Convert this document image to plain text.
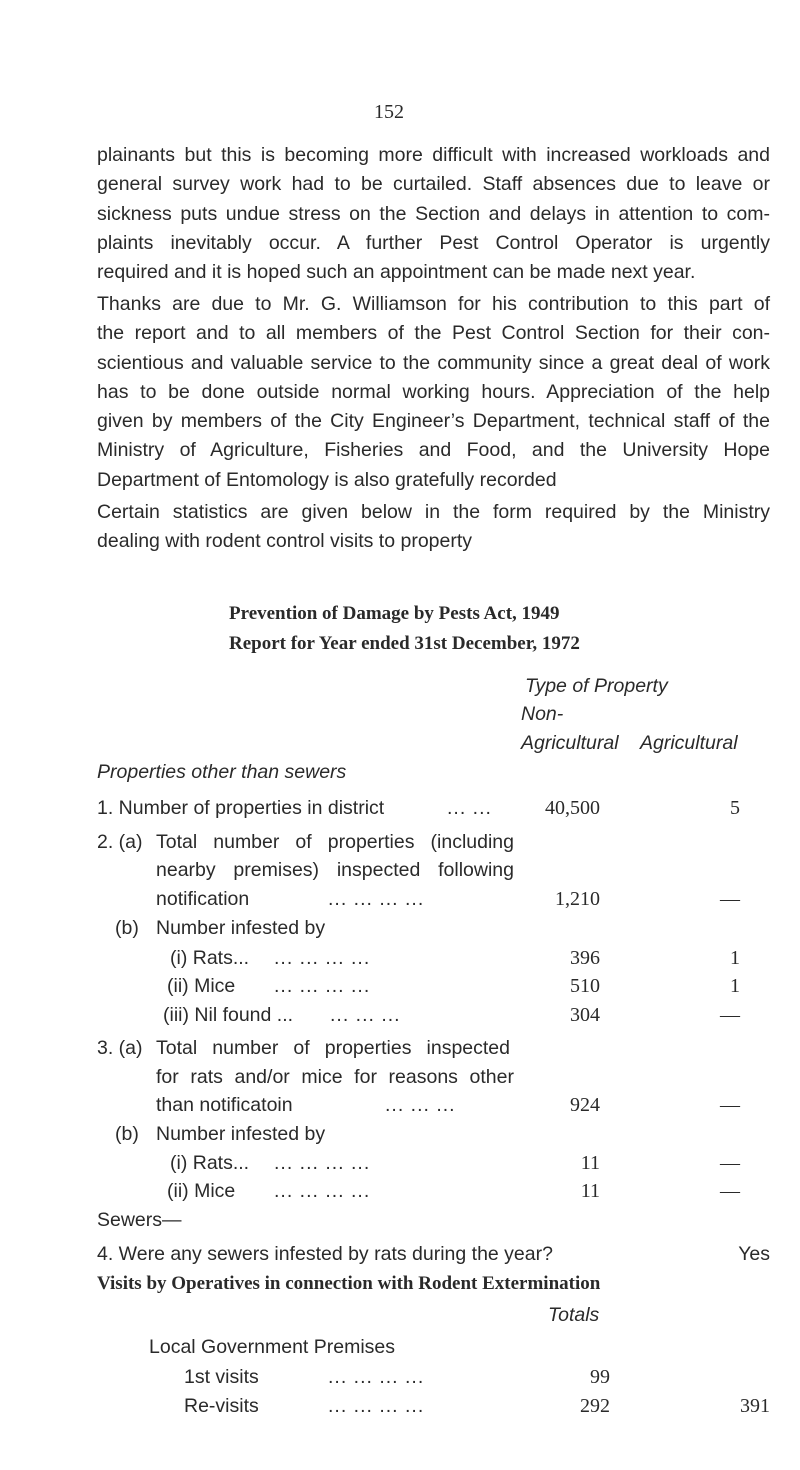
152
plainants but this is becoming more difficult with increased workloads and
general survey work had to be curtailed. Staff absences due to leave or
sickness puts undue stress on the Section and delays in attention to com-
plaints inevitably occur. A further Pest Control Operator is urgently
required and it is hoped such an appointment can be made next year.
Thanks are due to Mr. G. Williamson for his contribution to this part of
the report and to all members of the Pest Control Section for their con-
scientious and valuable service to the community since a great deal of work
has to be done outside normal working hours. Appreciation of the help
given by members of the City Engineer’s Department, technical staff of the
Ministry of Agriculture, Fisheries and Food, and the University Hope
Department of Entomology is also gratefully recorded
Certain statistics are given below in the form required by the Ministry
dealing with rodent control visits to property
Prevention of Damage by Pests Act, 1949
Report for Year ended 31st December, 1972
Type of Property
Non-
Agricultural Agricultural
Properties other than sewers
1. Number of properties in district	... ...	40,500	5
2. (a) Total number of properties (including
nearby premises) inspected following
notification	... ... ... ...	1,210	—
(b) Number infested by
(i) Rats... ... ... ... ...	396	1
(ii) Mice ... ... ... ...	510	1
(iii) Nil found ... ... ... ...	304	—
3. (a) Total number of properties inspected
for rats and/or mice for reasons other
than notificatoin	... ... ...	924	—
(b) Number infested by
(i) Rats... ... ... ... ...	11	—
(ii) Mice ... ... ... ...	11	—
Sewers—
4. Were any sewers infested by rats during the year?	Yes
Visits by Operatives in connection with Rodent Extermination
Totals
Local Government Premises
1st visits	... ... ... ...	99
Re-visits	... ... ... ...	292	391
